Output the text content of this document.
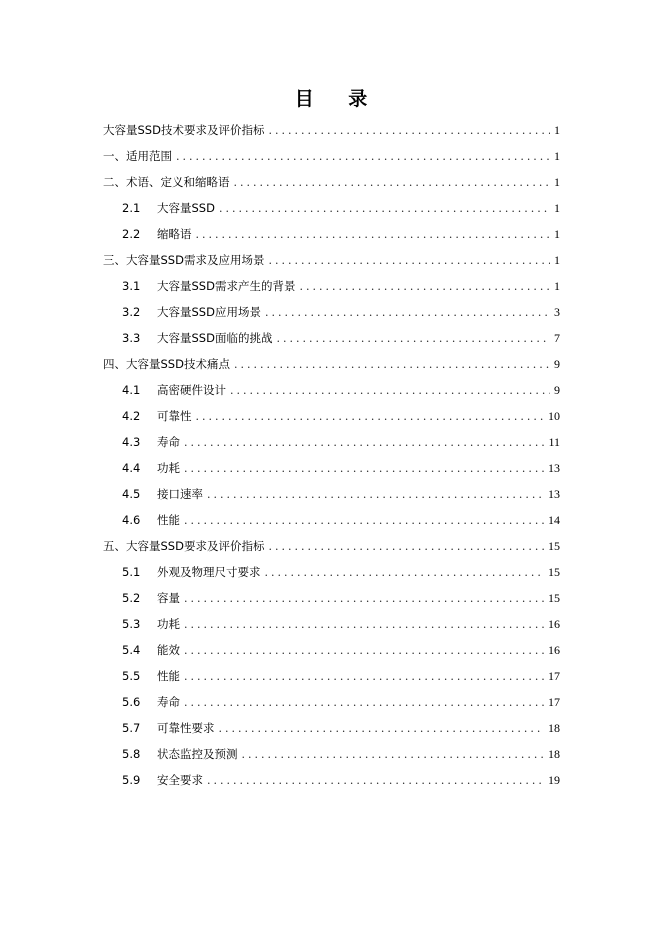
目 录
大容量SSD技术要求及评价指标 .....	1
一、适用范围 .....	1
二、术语、定义和缩略语 .....	1
2.1	大容量SSD .....	1
2.2	缩略语 .....	1
三、大容量SSD需求及应用场景 .....	1
3.1	大容量SSD需求产生的背景 .....	1
3.2	大容量SSD应用场景 .....	3
3.3	大容量SSD面临的挑战 .....	7
四、大容量SSD技术痛点 .....	9
4.1	高密硬件设计 .....	9
4.2	可靠性 .....	10
4.3	寿命 .....	11
4.4	功耗 .....	13
4.5	接口速率 .....	13
4.6	性能 .....	14
五、大容量SSD要求及评价指标 .....	15
5.1	外观及物理尺寸要求 .....	15
5.2	容量 .....	15
5.3	功耗 .....	16
5.4	能效 .....	16
5.5	性能 .....	17
5.6	寿命 .....	17
5.7	可靠性要求 .....	18
5.8	状态监控及预测 .....	18
5.9	安全要求 .....	19
